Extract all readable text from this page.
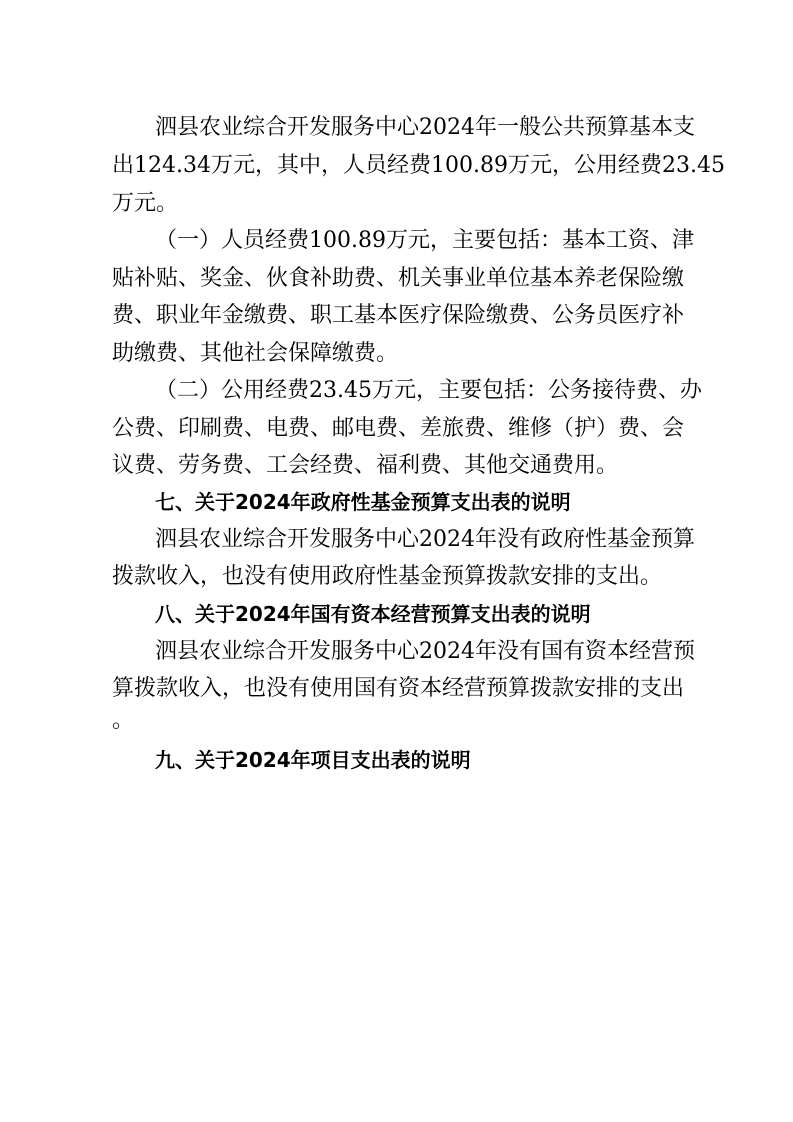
泗县农业综合开发服务中心2024年一般公共预算基本支
出124.34万元，其中，人员经费100.89万元，公用经费23.45
万元。
（一）人员经费100.89万元，主要包括：基本工资、津
贴补贴、奖金、伙食补助费、机关事业单位基本养老保险缴
费、职业年金缴费、职工基本医疗保险缴费、公务员医疗补
助缴费、其他社会保障缴费。
（二）公用经费23.45万元，主要包括：公务接待费、办
公费、印刷费、电费、邮电费、差旅费、维修（护）费、会
议费、劳务费、工会经费、福利费、其他交通费用。
七、关于2024年政府性基金预算支出表的说明
泗县农业综合开发服务中心2024年没有政府性基金预算
拨款收入，也没有使用政府性基金预算拨款安排的支出。
八、关于2024年国有资本经营预算支出表的说明
泗县农业综合开发服务中心2024年没有国有资本经营预
算拨款收入，也没有使用国有资本经营预算拨款安排的支出
。
九、关于2024年项目支出表的说明
